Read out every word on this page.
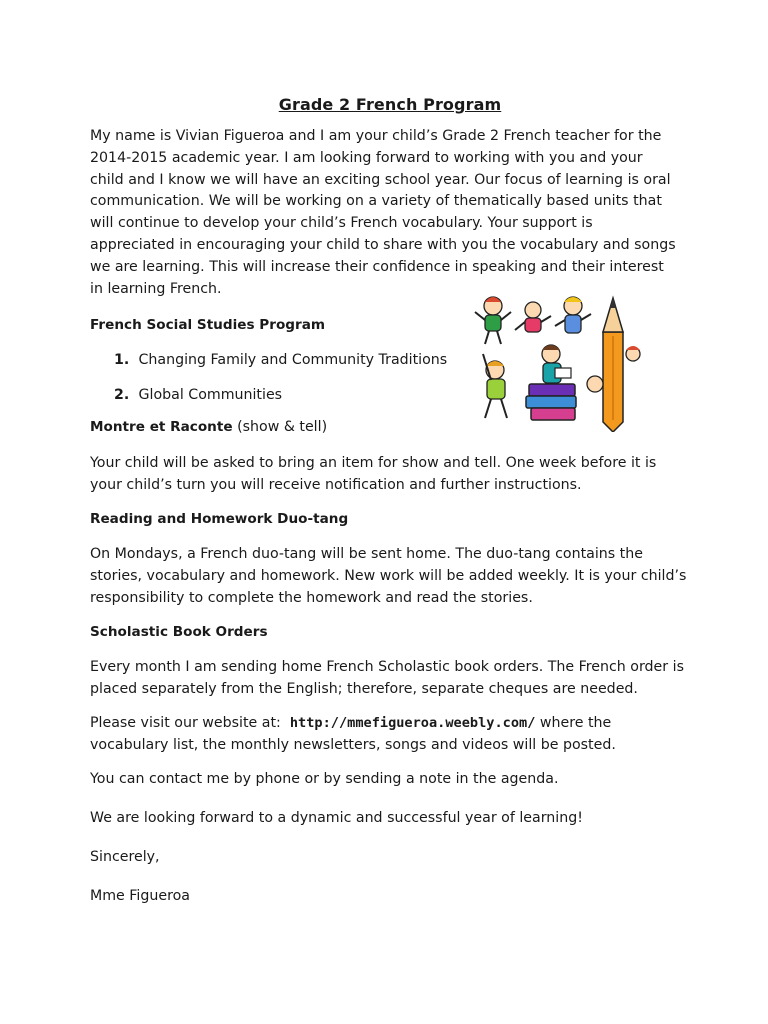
Grade 2 French Program

My name is Vivian Figueroa and I am your child’s Grade 2 French teacher for the 2014-2015 academic year. I am looking forward to working with you and your child and I know we will have an exciting school year. Our focus of learning is oral communication. We will be working on a variety of thematically based units that will continue to develop your child’s French vocabulary. Your support is appreciated in encouraging your child to share with you the vocabulary and songs we are learning. This will increase their confidence in speaking and their interest in learning French.

French Social Studies Program
1. Changing Family and Community Traditions
2. Global Communities

Montre et Raconte (show & tell)

Your child will be asked to bring an item for show and tell. One week before it is your child’s turn you will receive notification and further instructions.

Reading and Homework Duo-tang

On Mondays, a French duo-tang will be sent home. The duo-tang contains the stories, vocabulary and homework. New work will be added weekly. It is your child’s responsibility to complete the homework and read the stories.

Scholastic Book Orders

Every month I am sending home French Scholastic book orders. The French order is placed separately from the English; therefore, separate cheques are needed.

Please visit our website at: http://mmefigueroa.weebly.com/ where the vocabulary list, the monthly newsletters, songs and videos will be posted.

You can contact me by phone or by sending a note in the agenda.

We are looking forward to a dynamic and successful year of learning!

Sincerely,

Mme Figueroa
